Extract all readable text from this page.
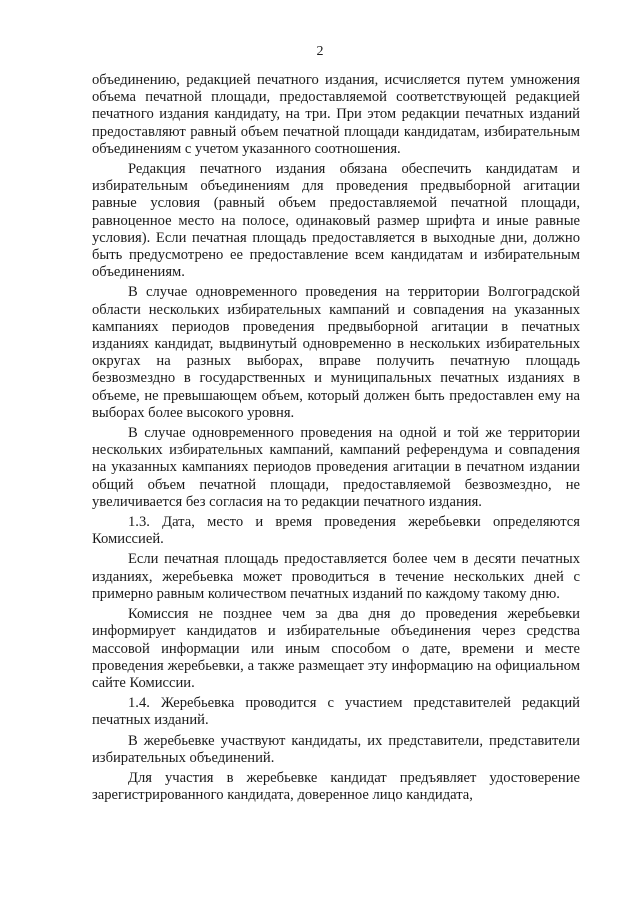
2

объединению, редакцией печатного издания, исчисляется путем умножения объема печатной площади, предоставляемой соответствующей редакцией печатного издания кандидату, на три. При этом редакции печатных изданий предоставляют равный объем печатной площади кандидатам, избирательным объединениям с учетом указанного соотношения.

Редакция печатного издания обязана обеспечить кандидатам и избирательным объединениям для проведения предвыборной агитации равные условия (равный объем предоставляемой печатной площади, равноценное место на полосе, одинаковый размер шрифта и иные равные условия). Если печатная площадь предоставляется в выходные дни, должно быть предусмотрено ее предоставление всем кандидатам и избирательным объединениям.

В случае одновременного проведения на территории Волгоградской области нескольких избирательных кампаний и совпадения на указанных кампаниях периодов проведения предвыборной агитации в печатных изданиях кандидат, выдвинутый одновременно в нескольких избирательных округах на разных выборах, вправе получить печатную площадь безвозмездно в государственных и муниципальных печатных изданиях в объеме, не превышающем объем, который должен быть предоставлен ему на выборах более высокого уровня.

В случае одновременного проведения на одной и той же территории нескольких избирательных кампаний, кампаний референдума и совпадения на указанных кампаниях периодов проведения агитации в печатном издании общий объем печатной площади, предоставляемой безвозмездно, не увеличивается без согласия на то редакции печатного издания.

1.3. Дата, место и время проведения жеребьевки определяются Комиссией.

Если печатная площадь предоставляется более чем в десяти печатных изданиях, жеребьевка может проводиться в течение нескольких дней с примерно равным количеством печатных изданий по каждому такому дню.

Комиссия не позднее чем за два дня до проведения жеребьевки информирует кандидатов и избирательные объединения через средства массовой информации или иным способом о дате, времени и месте проведения жеребьевки, а также размещает эту информацию на официальном сайте Комиссии.

1.4. Жеребьевка проводится с участием представителей редакций печатных изданий.

В жеребьевке участвуют кандидаты, их представители, представители избирательных объединений.

Для участия в жеребьевке кандидат предъявляет удостоверение зарегистрированного кандидата, доверенное лицо кандидата,
